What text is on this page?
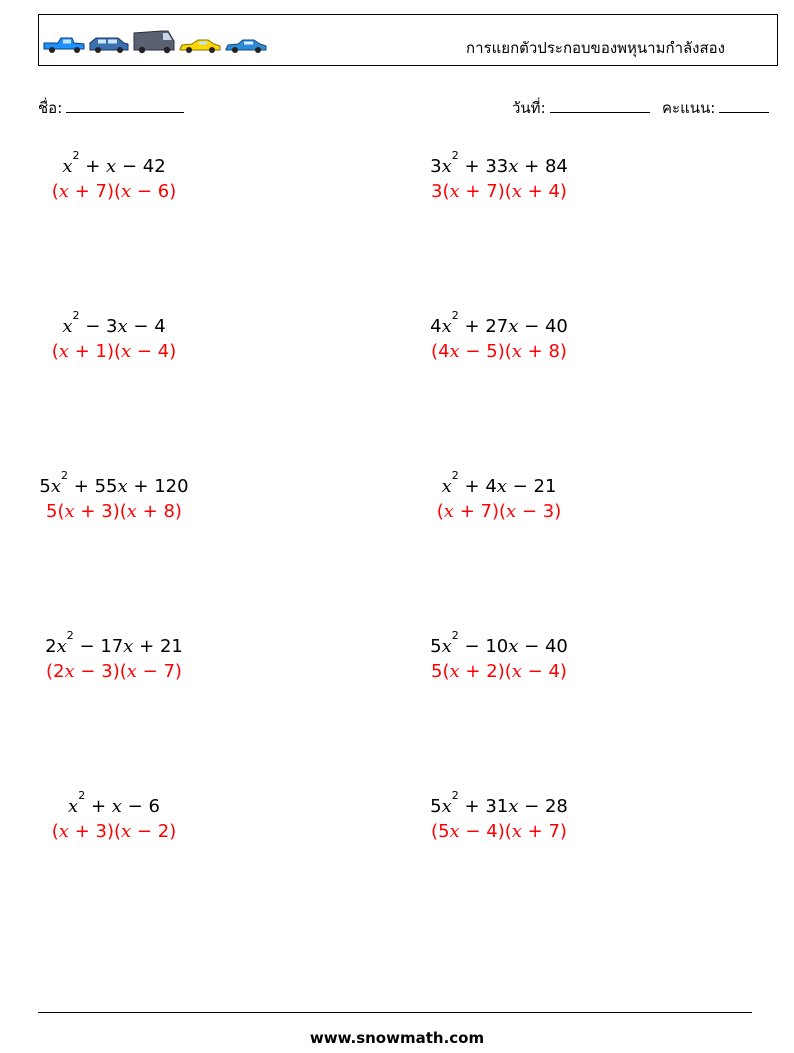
การแยกตัวประกอบของพหุนามกำลังสอง
ชื่อ:	วันที่:	คะแนน:
$x^2 + x - 42$
(x + 7)(x − 6)
$3x^2 + 33x + 84$
3(x + 7)(x + 4)
$x^2 - 3x - 4$
(x + 1)(x − 4)
$4x^2 + 27x - 40$
(4x − 5)(x + 8)
$5x^2 + 55x + 120$
5(x + 3)(x + 8)
$x^2 + 4x - 21$
(x + 7)(x − 3)
$2x^2 - 17x + 21$
(2x − 3)(x − 7)
$5x^2 - 10x - 40$
5(x + 2)(x − 4)
$x^2 + x - 6$
(x + 3)(x − 2)
$5x^2 + 31x - 28$
(5x − 4)(x + 7)
www.snowmath.com
